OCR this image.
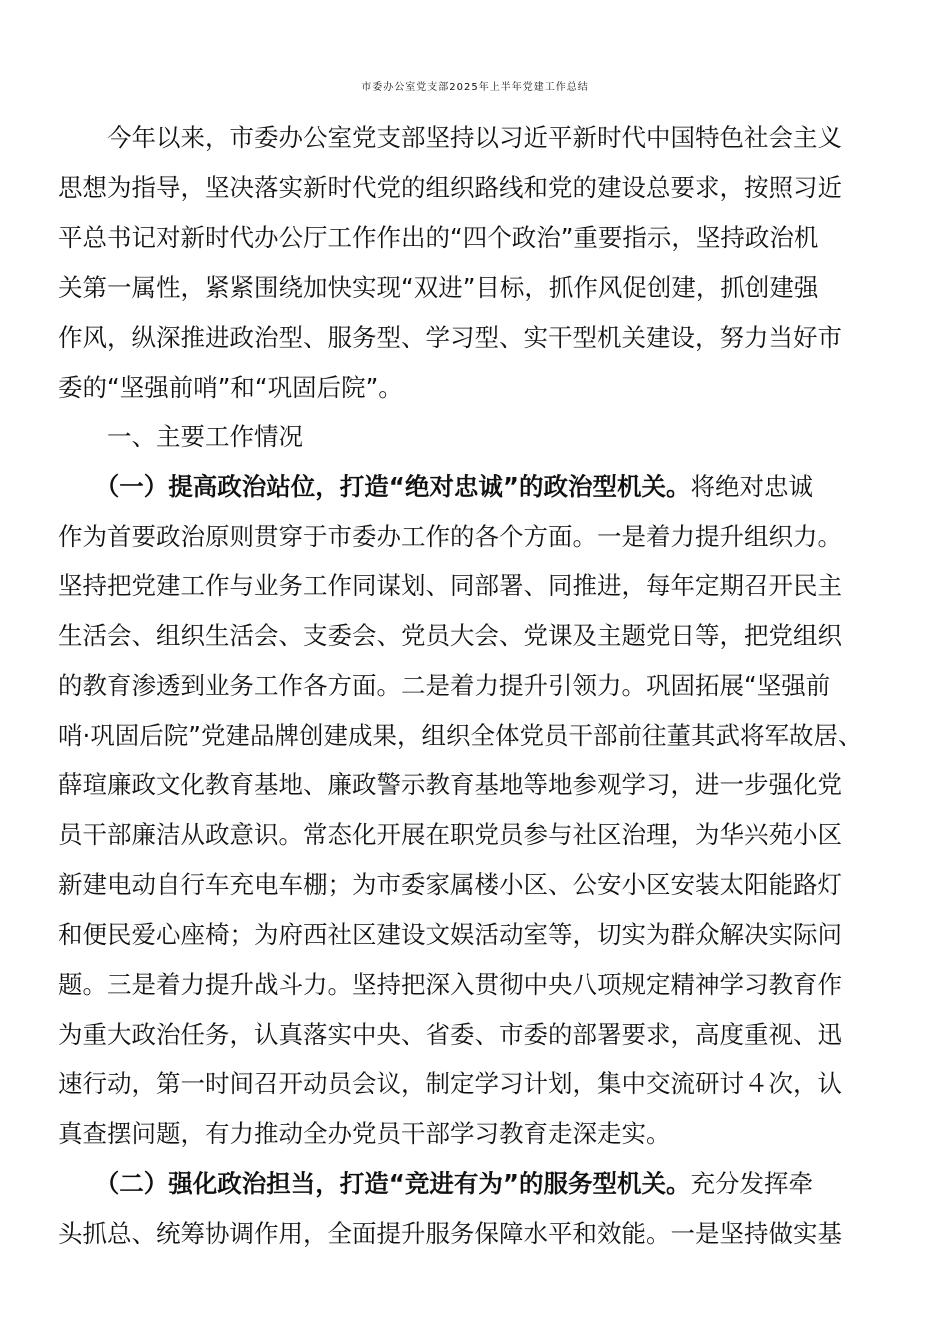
市委办公室党支部2025年上半年党建工作总结
　　今年以来，市委办公室党支部坚持以习近平新时代中国特色社会主义
思想为指导，坚决落实新时代党的组织路线和党的建设总要求，按照习近
平总书记对新时代办公厅工作作出的“四个政治”重要指示，坚持政治机
关第一属性，紧紧围绕加快实现“双进”目标，抓作风促创建，抓创建强
作风，纵深推进政治型、服务型、学习型、实干型机关建设，努力当好市
委的“坚强前哨”和“巩固后院”。
　　一、主要工作情况
　　（一）提高政治站位，打造“绝对忠诚”的政治型机关。将绝对忠诚
作为首要政治原则贯穿于市委办工作的各个方面。一是着力提升组织力。
坚持把党建工作与业务工作同谋划、同部署、同推进，每年定期召开民主
生活会、组织生活会、支委会、党员大会、党课及主题党日等，把党组织
的教育渗透到业务工作各方面。二是着力提升引领力。巩固拓展“坚强前
哨·巩固后院”党建品牌创建成果，组织全体党员干部前往董其武将军故居、
薛瑄廉政文化教育基地、廉政警示教育基地等地参观学习，进一步强化党
员干部廉洁从政意识。常态化开展在职党员参与社区治理，为华兴苑小区
新建电动自行车充电车棚；为市委家属楼小区、公安小区安装太阳能路灯
和便民爱心座椅；为府西社区建设文娱活动室等，切实为群众解决实际问
题。三是着力提升战斗力。坚持把深入贯彻中央八项规定精神学习教育作
为重大政治任务，认真落实中央、省委、市委的部署要求，高度重视、迅
速行动，第一时间召开动员会议，制定学习计划，集中交流研讨４次，认
真查摆问题，有力推动全办党员干部学习教育走深走实。
　　（二）强化政治担当，打造“竞进有为”的服务型机关。充分发挥牵
头抓总、统筹协调作用，全面提升服务保障水平和效能。一是坚持做实基
